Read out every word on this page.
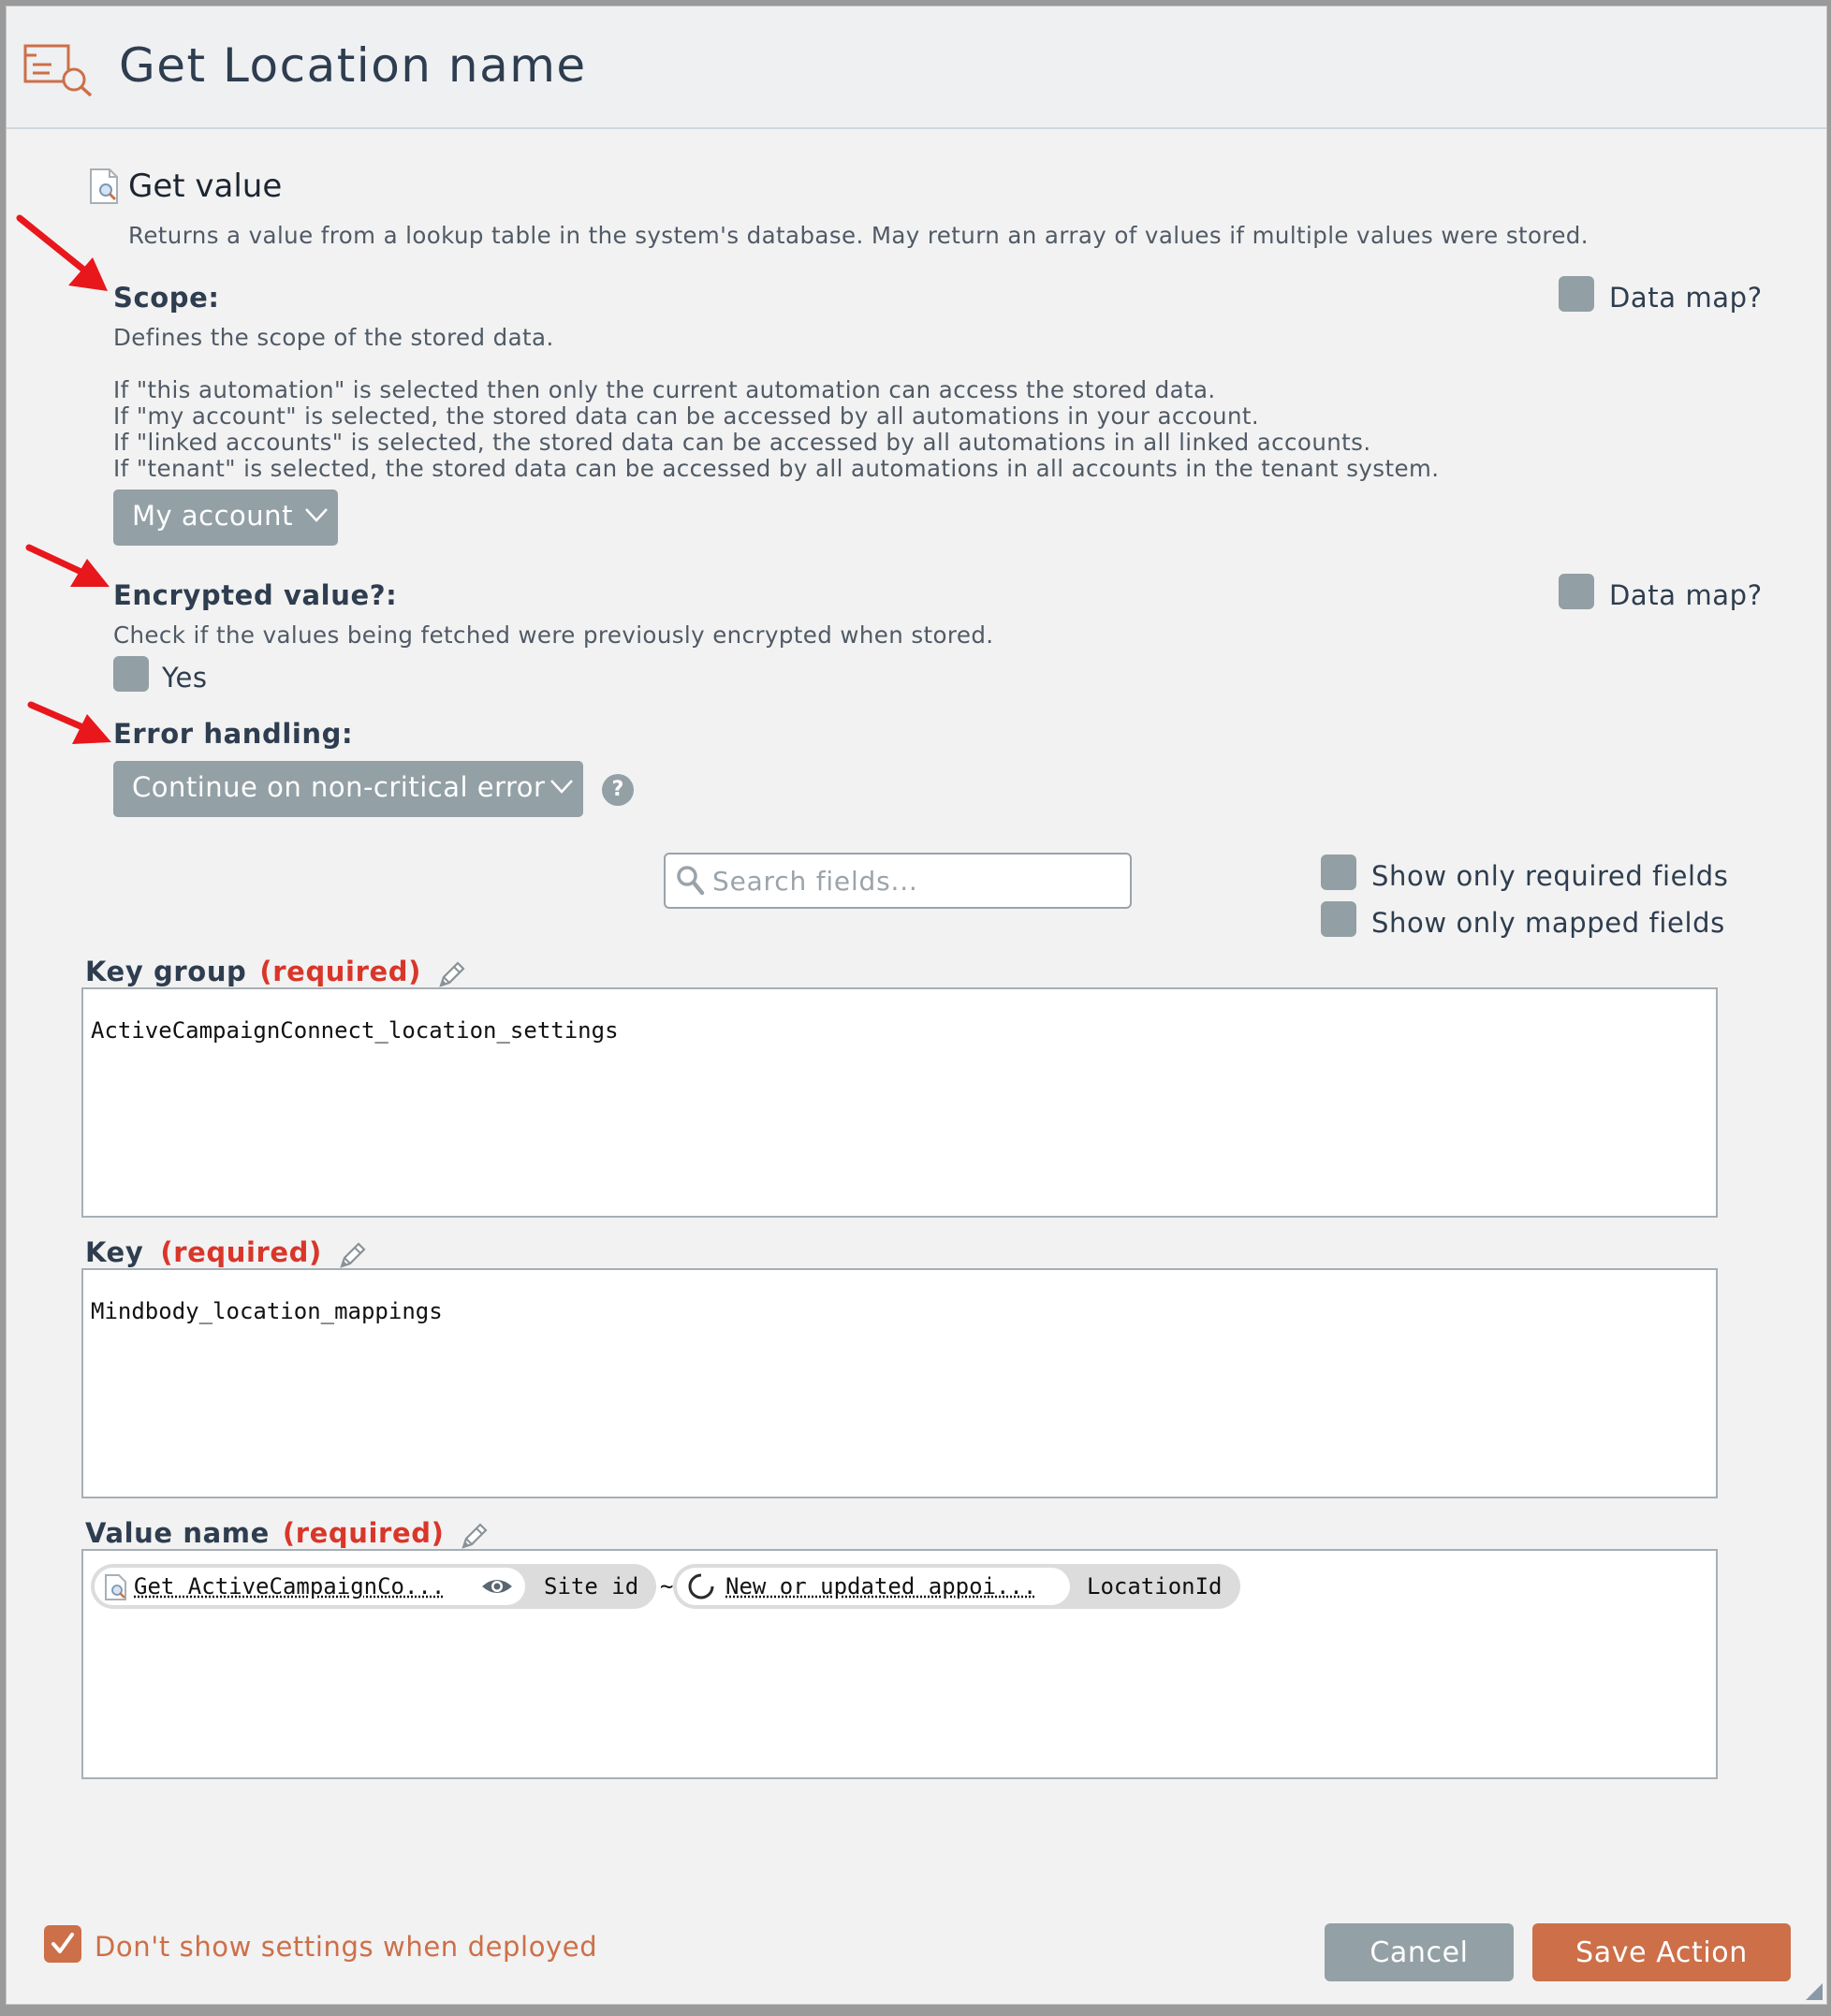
Get Location name
Get value
Returns a value from a lookup table in the system's database. May return an array of values if multiple values were stored.
Scope:	Data map?
Defines the scope of the stored data.
If "this automation" is selected then only the current automation can access the stored data.
If "my account" is selected, the stored data can be accessed by all automations in your account.
If "linked accounts" is selected, the stored data can be accessed by all automations in all linked accounts.
If "tenant" is selected, the stored data can be accessed by all automations in all accounts in the tenant system.
My account
Encrypted value?:	Data map?
Check if the values being fetched were previously encrypted when stored.
Yes
Error handling:
Continue on non-critical error	?
Search fields...
Show only required fields
Show only mapped fields
Key group (required)
ActiveCampaignConnect_location_settings
Key (required)
Mindbody_location_mappings
Value name (required)
Get ActiveCampaignCo...	Site id ~ New or updated appoi... LocationId
Don't show settings when deployed	Cancel	Save Action
